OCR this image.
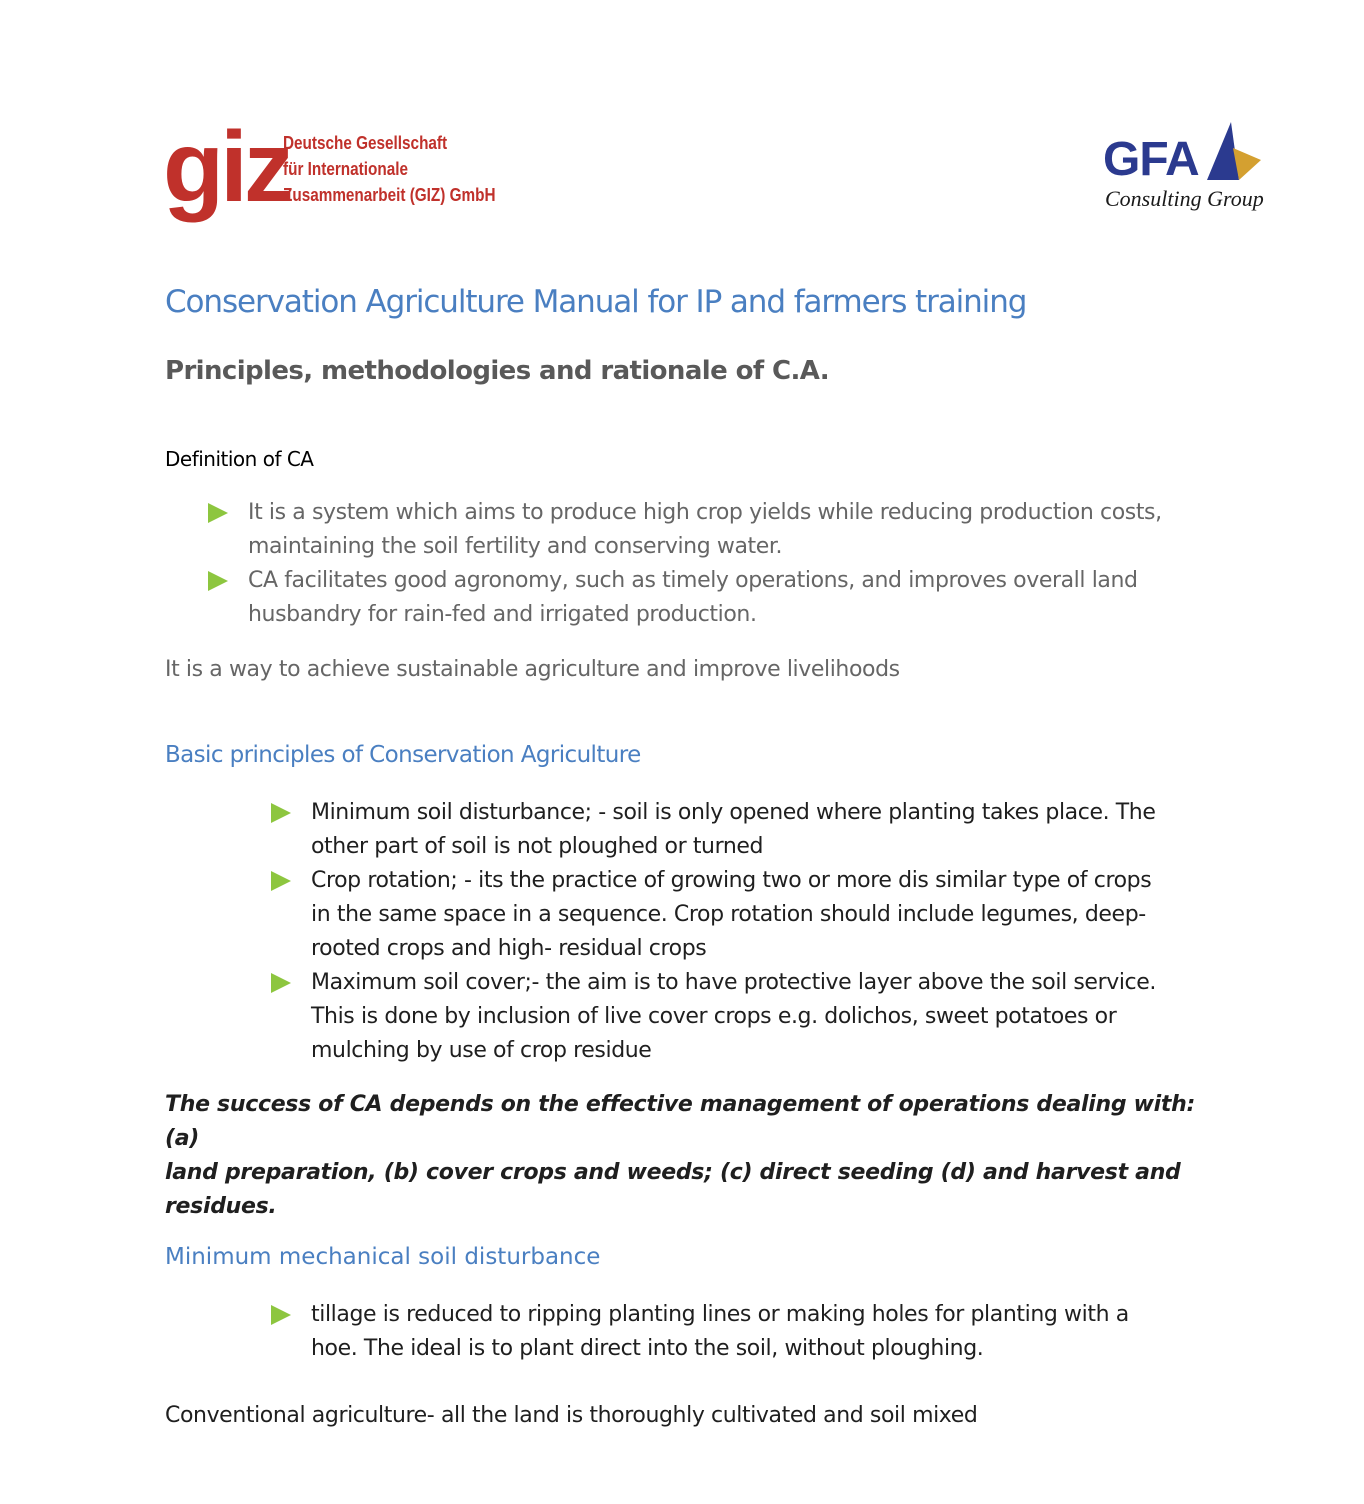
giz
Deutsche Gesellschaft
für Internationale
Zusammenarbeit (GIZ) GmbH
GFA
Consulting Group
Conservation Agriculture Manual for IP and farmers training
Principles, methodologies and rationale of C.A.
Definition of CA
It is a system which aims to produce high crop yields while reducing production costs,
maintaining the soil fertility and conserving water.
CA facilitates good agronomy, such as timely operations, and improves overall land
husbandry for rain-fed and irrigated production.
It is a way to achieve sustainable agriculture and improve livelihoods
Basic principles of Conservation Agriculture
Minimum soil disturbance; - soil is only opened where planting takes place. The
other part of soil is not ploughed or turned
Crop rotation; - its the practice of growing two or more dis similar type of crops
in the same space in a sequence. Crop rotation should include legumes, deep-
rooted crops and high- residual crops
Maximum soil cover;- the aim is to have protective layer above the soil service.
This is done by inclusion of live cover crops e.g. dolichos, sweet potatoes or
mulching by use of crop residue
The success of CA depends on the effective management of operations dealing with: (a)
land preparation, (b) cover crops and weeds; (c) direct seeding (d) and harvest and
residues.
Minimum mechanical soil disturbance
tillage is reduced to ripping planting lines or making holes for planting with a
hoe. The ideal is to plant direct into the soil, without ploughing.
Conventional agriculture- all the land is thoroughly cultivated and soil mixed
